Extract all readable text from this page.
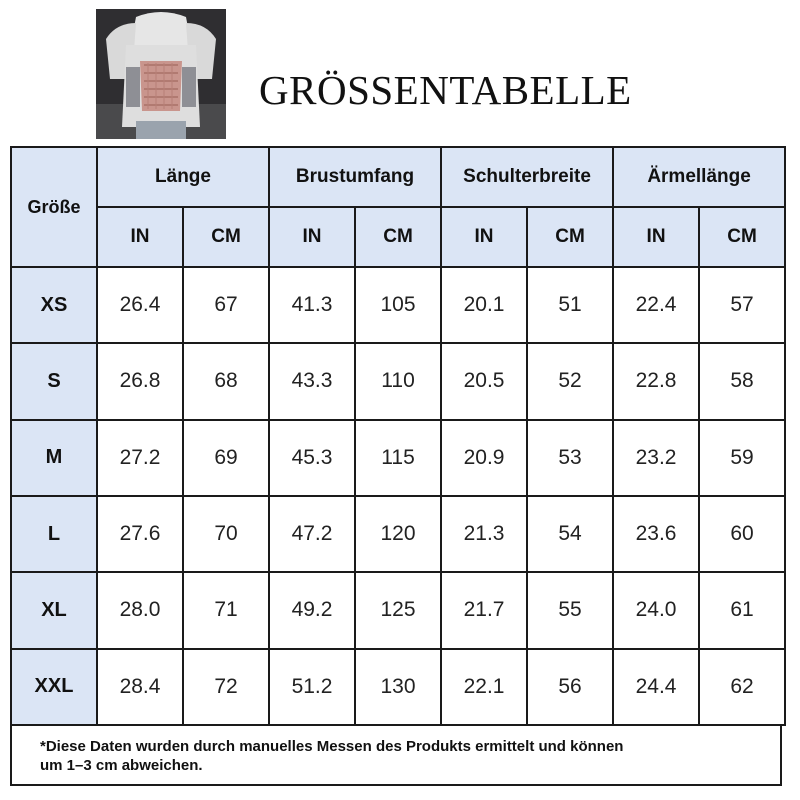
GRÖSSENTABELLE
Größe	Länge		Brustumfang		Schulterbreite		Ärmellänge	
	IN	CM	IN	CM	IN	CM	IN	CM
XS	26.4	67	41.3	105	20.1	51	22.4	57
S	26.8	68	43.3	110	20.5	52	22.8	58
M	27.2	69	45.3	115	20.9	53	23.2	59
L	27.6	70	47.2	120	21.3	54	23.6	60
XL	28.0	71	49.2	125	21.7	55	24.0	61
XXL	28.4	72	51.2	130	22.1	56	24.4	62
*Diese Daten wurden durch manuelles Messen des Produkts ermittelt und können
um 1–3 cm abweichen.
